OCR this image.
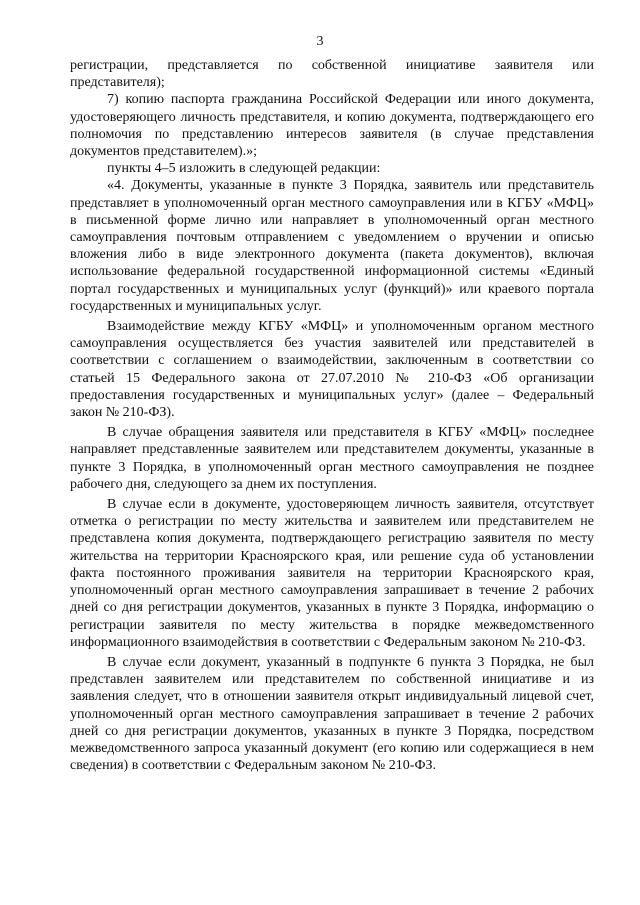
3

регистрации, представляется по собственной инициативе заявителя или представителя);

7) копию паспорта гражданина Российской Федерации или иного документа, удостоверяющего личность представителя, и копию документа, подтверждающего его полномочия по представлению интересов заявителя (в случае представления документов представителем).»;

пункты 4–5 изложить в следующей редакции:

«4. Документы, указанные в пункте 3 Порядка, заявитель или представитель представляет в уполномоченный орган местного самоуправления или в КГБУ «МФЦ» в письменной форме лично или направляет в уполномоченный орган местного самоуправления почтовым отправлением с уведомлением о вручении и описью вложения либо в виде электронного документа (пакета документов), включая использование федеральной государственной информационной системы «Единый портал государственных и муниципальных услуг (функций)» или краевого портала государственных и муниципальных услуг.

Взаимодействие между КГБУ «МФЦ» и уполномоченным органом местного самоуправления осуществляется без участия заявителей или представителей в соответствии с соглашением о взаимодействии, заключенным в соответствии со статьей 15 Федерального закона от 27.07.2010 № 210-ФЗ «Об организации предоставления государственных и муниципальных услуг» (далее – Федеральный закон № 210-ФЗ).

В случае обращения заявителя или представителя в КГБУ «МФЦ» последнее направляет представленные заявителем или представителем документы, указанные в пункте 3 Порядка, в уполномоченный орган местного самоуправления не позднее рабочего дня, следующего за днем их поступления.

В случае если в документе, удостоверяющем личность заявителя, отсутствует отметка о регистрации по месту жительства и заявителем или представителем не представлена копия документа, подтверждающего регистрацию заявителя по месту жительства на территории Красноярского края, или решение суда об установлении факта постоянного проживания заявителя на территории Красноярского края, уполномоченный орган местного самоуправления запрашивает в течение 2 рабочих дней со дня регистрации документов, указанных в пункте 3 Порядка, информацию о регистрации заявителя по месту жительства в порядке межведомственного информационного взаимодействия в соответствии с Федеральным законом № 210-ФЗ.

В случае если документ, указанный в подпункте 6 пункта 3 Порядка, не был представлен заявителем или представителем по собственной инициативе и из заявления следует, что в отношении заявителя открыт индивидуальный лицевой счет, уполномоченный орган местного самоуправления запрашивает в течение 2 рабочих дней со дня регистрации документов, указанных в пункте 3 Порядка, посредством межведомственного запроса указанный документ (его копию или содержащиеся в нем сведения) в соответствии с Федеральным законом № 210-ФЗ.
